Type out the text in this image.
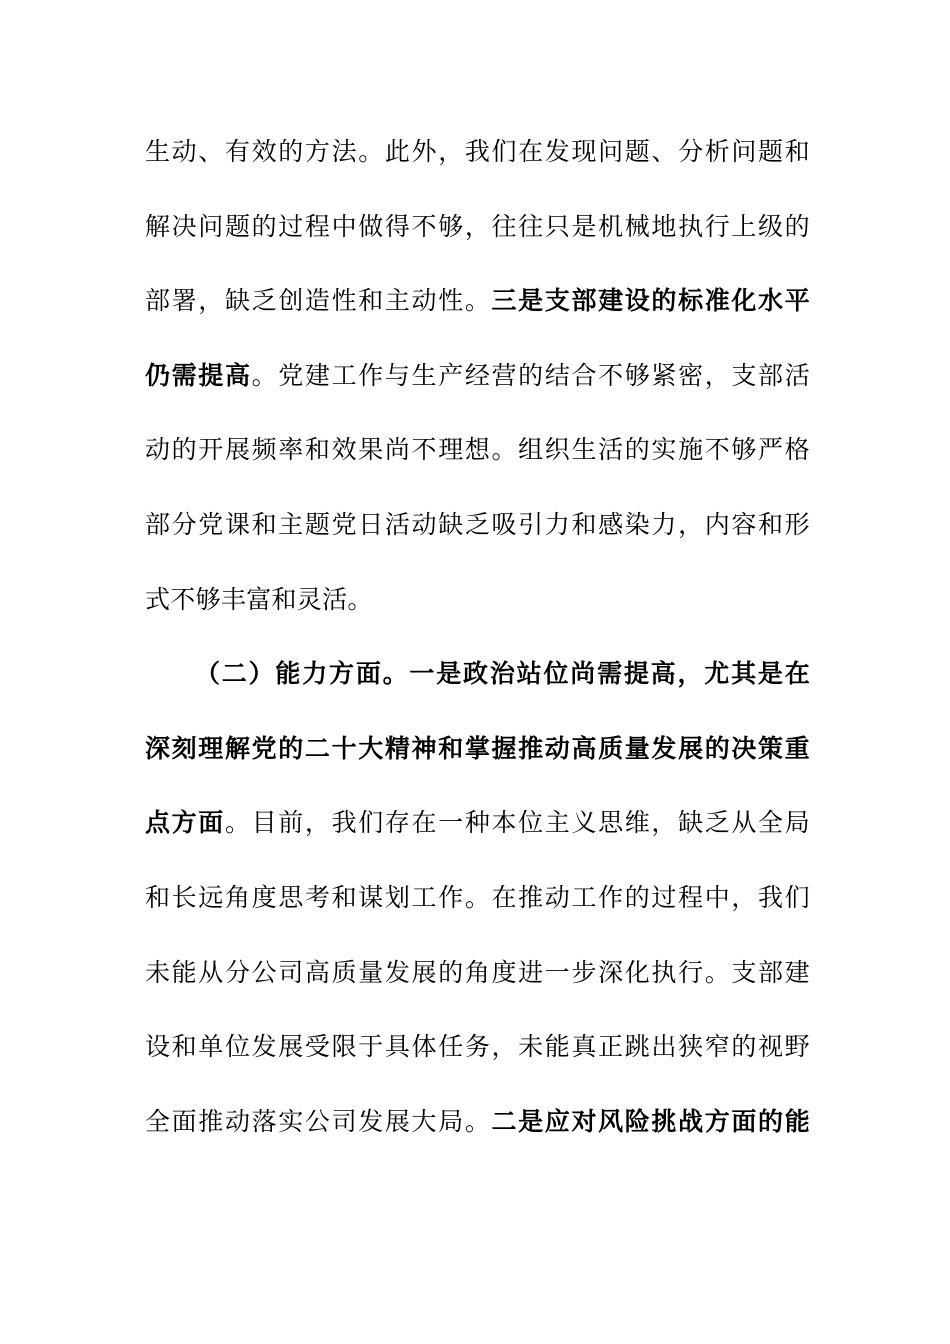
生动、有效的方法。此外，我们在发现问题、分析问题和
解决问题的过程中做得不够，往往只是机械地执行上级的
部署，缺乏创造性和主动性。三是支部建设的标准化水平
仍需提高。党建工作与生产经营的结合不够紧密，支部活
动的开展频率和效果尚不理想。组织生活的实施不够严格
部分党课和主题党日活动缺乏吸引力和感染力，内容和形
式不够丰富和灵活。
（二）能力方面。一是政治站位尚需提高，尤其是在
深刻理解党的二十大精神和掌握推动高质量发展的决策重
点方面。目前，我们存在一种本位主义思维，缺乏从全局
和长远角度思考和谋划工作。在推动工作的过程中，我们
未能从分公司高质量发展的角度进一步深化执行。支部建
设和单位发展受限于具体任务，未能真正跳出狭窄的视野
全面推动落实公司发展大局。二是应对风险挑战方面的能
